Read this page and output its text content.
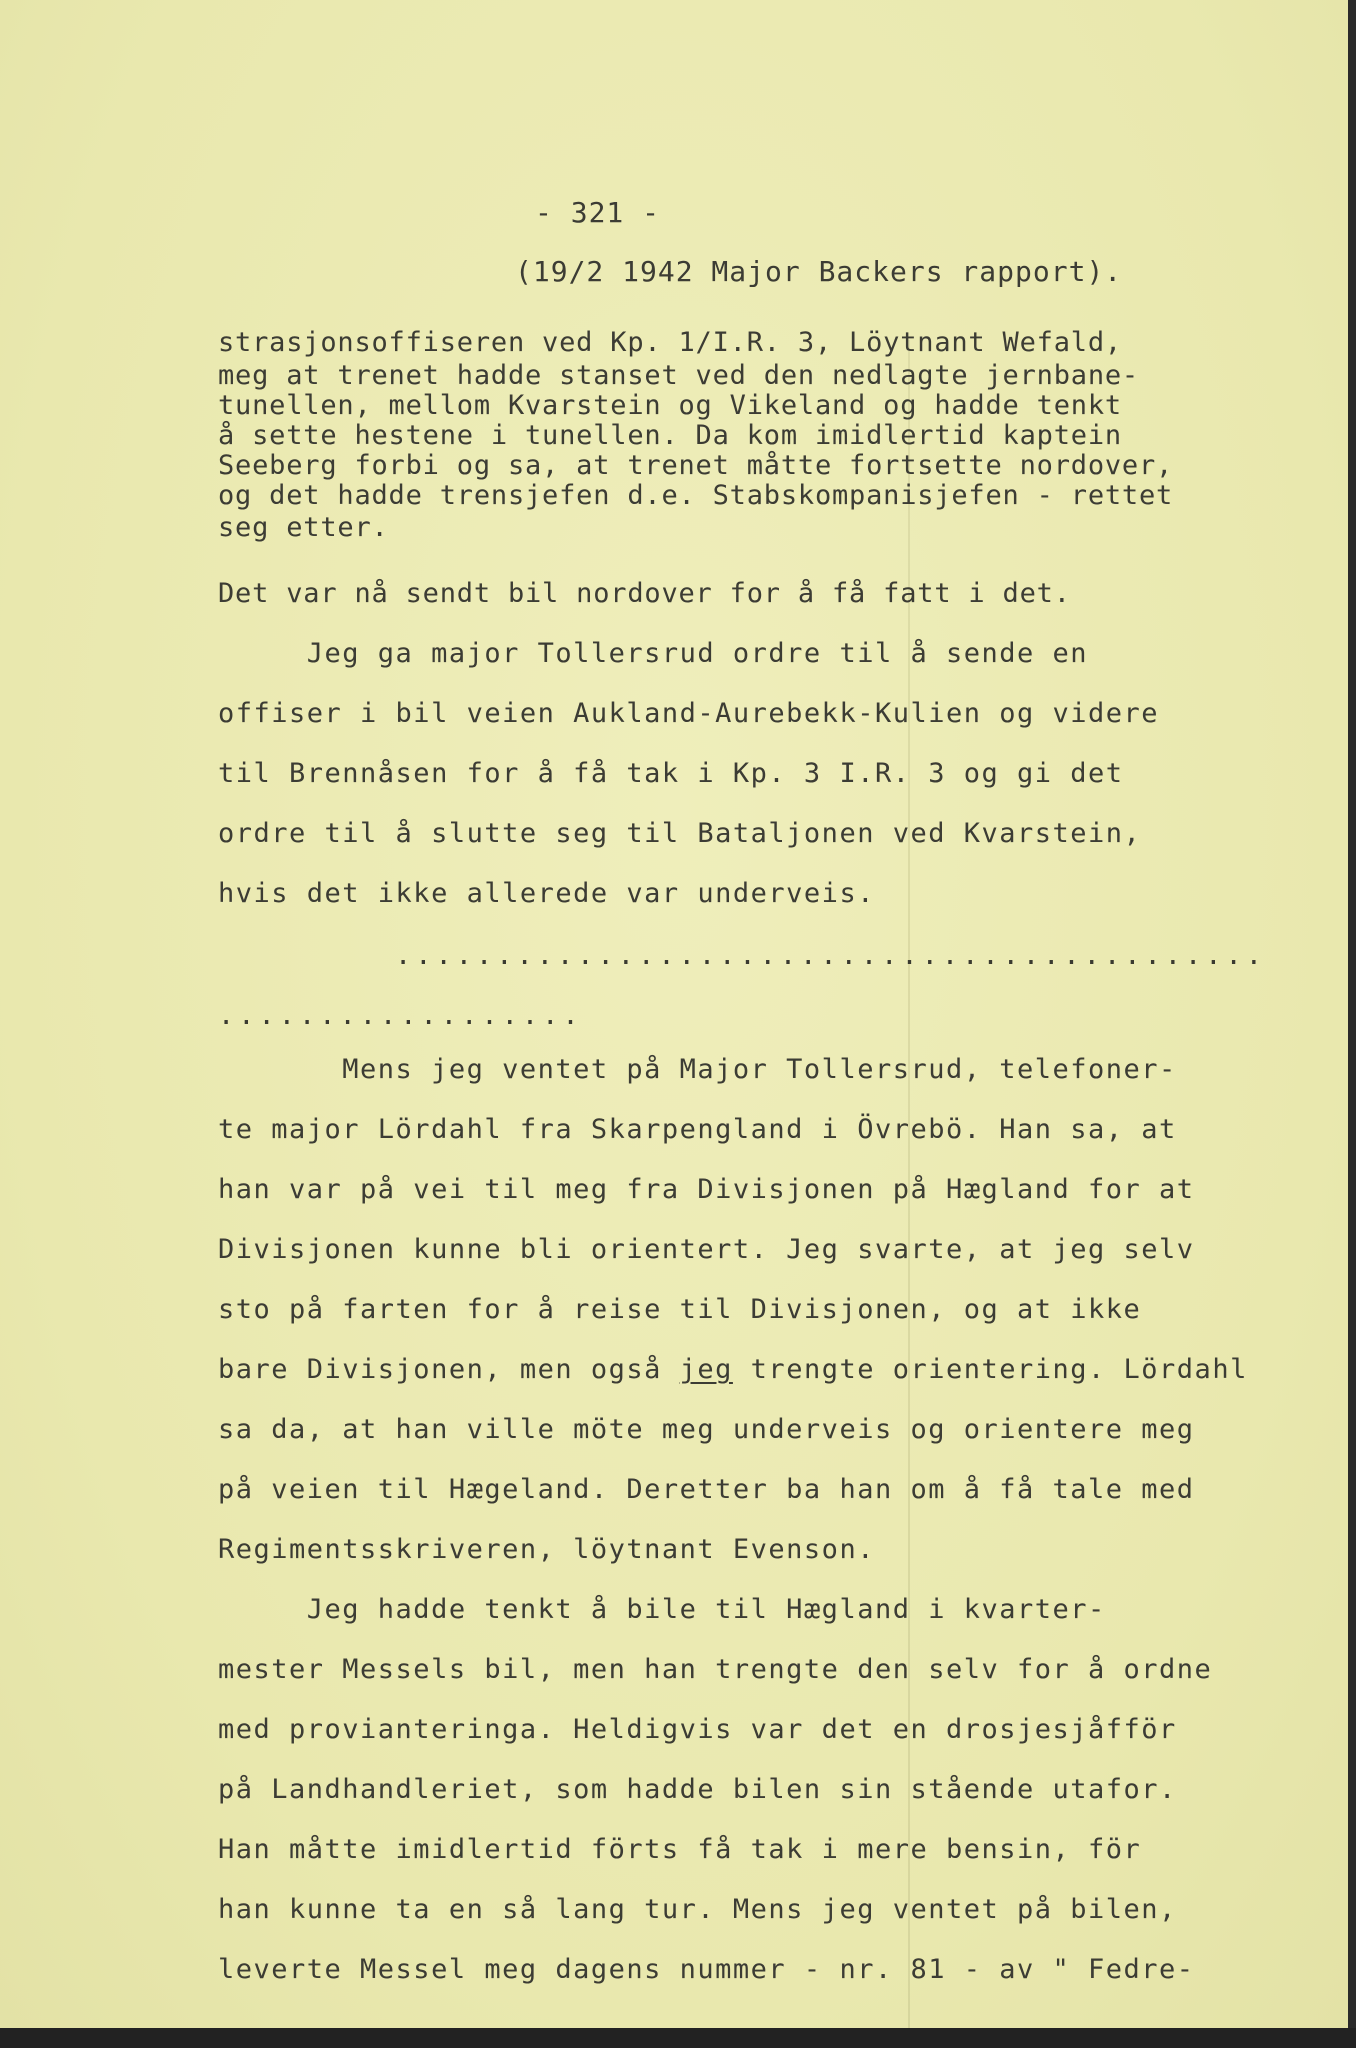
- 321 -

(19/2 1942 Major Backers rapport).

strasjonsoffiseren ved Kp. 1/I.R. 3, Löytnant Wefald,

meg at trenet hadde stanset ved den nedlagte jernbane-

tunellen, mellom Kvarstein og Vikeland og hadde tenkt

å sette hestene i tunellen. Da kom imidlertid kaptein

Seeberg forbi og sa, at trenet måtte fortsette nordover,

og det hadde trensjefen d.e. Stabskompanisjefen - rettet

seg etter.

Det var nå sendt bil nordover for å få fatt i det.

Jeg ga major Tollersrud ordre til å sende en

offiser i bil veien Aukland-Aurebekk-Kulien og videre

til Brennåsen for å få tak i Kp. 3 I.R. 3 og gi det

ordre til å slutte seg til Bataljonen ved Kvarstein,

hvis det ikke allerede var underveis.

...........................................

..................

Mens jeg ventet på Major Tollersrud, telefoner-

te major Lördahl fra Skarpengland i Övrebö. Han sa, at

han var på vei til meg fra Divisjonen på Hægland for at

Divisjonen kunne bli orientert. Jeg svarte, at jeg selv

sto på farten for å reise til Divisjonen, og at ikke

bare Divisjonen, men også jeg trengte orientering. Lördahl

sa da, at han ville möte meg underveis og orientere meg

på veien til Hægeland. Deretter ba han om å få tale med

Regimentsskriveren, löytnant Evenson.

Jeg hadde tenkt å bile til Hægland i kvarter-

mester Messels bil, men han trengte den selv for å ordne

med provianteringa. Heldigvis var det en drosjesjåfför

på Landhandleriet, som hadde bilen sin stående utafor.

Han måtte imidlertid förts få tak i mere bensin, för

han kunne ta en så lang tur. Mens jeg ventet på bilen,

leverte Messel meg dagens nummer - nr. 81 - av " Fedre-
